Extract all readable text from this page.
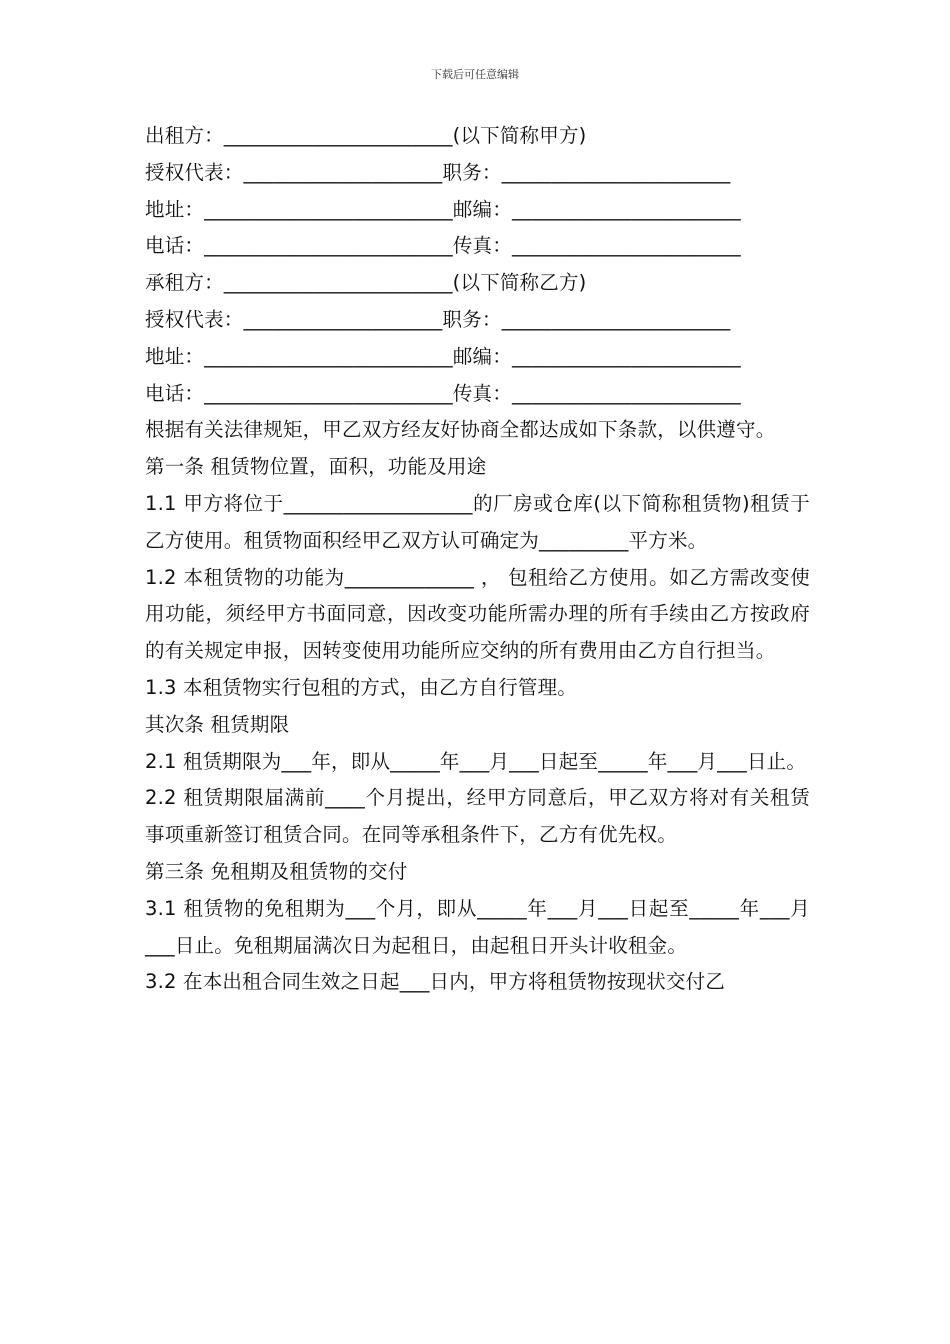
下载后可任意编辑

出租方：_______________________(以下简称甲方)

授权代表：____________________职务：_______________________

地址：_________________________邮编：_______________________

电话：_________________________传真：_______________________

承租方：_______________________(以下简称乙方)

授权代表：____________________职务：_______________________

地址：_________________________邮编：_______________________

电话：_________________________传真：_______________________

根据有关法律规矩，甲乙双方经友好协商全都达成如下条款，以供遵守。

第一条 租赁物位置，面积，功能及用途

1.1 甲方将位于___________________的厂房或仓库(以下简称租赁物)租赁于乙方使用。租赁物面积经甲乙双方认可确定为_________平方米。

1.2 本租赁物的功能为_____________ ， 包租给乙方使用。如乙方需改变使用功能，须经甲方书面同意，因改变功能所需办理的所有手续由乙方按政府的有关规定申报，因转变使用功能所应交纳的所有费用由乙方自行担当。

1.3 本租赁物实行包租的方式，由乙方自行管理。

其次条 租赁期限

2.1 租赁期限为___年，即从_____年___月___日起至_____年___月___日止。

2.2 租赁期限届满前____个月提出，经甲方同意后，甲乙双方将对有关租赁事项重新签订租赁合同。在同等承租条件下，乙方有优先权。

第三条 免租期及租赁物的交付

3.1 租赁物的免租期为___个月，即从_____年___月___日起至_____年___月___日止。免租期届满次日为起租日，由起租日开头计收租金。

3.2 在本出租合同生效之日起___日内，甲方将租赁物按现状交付乙
